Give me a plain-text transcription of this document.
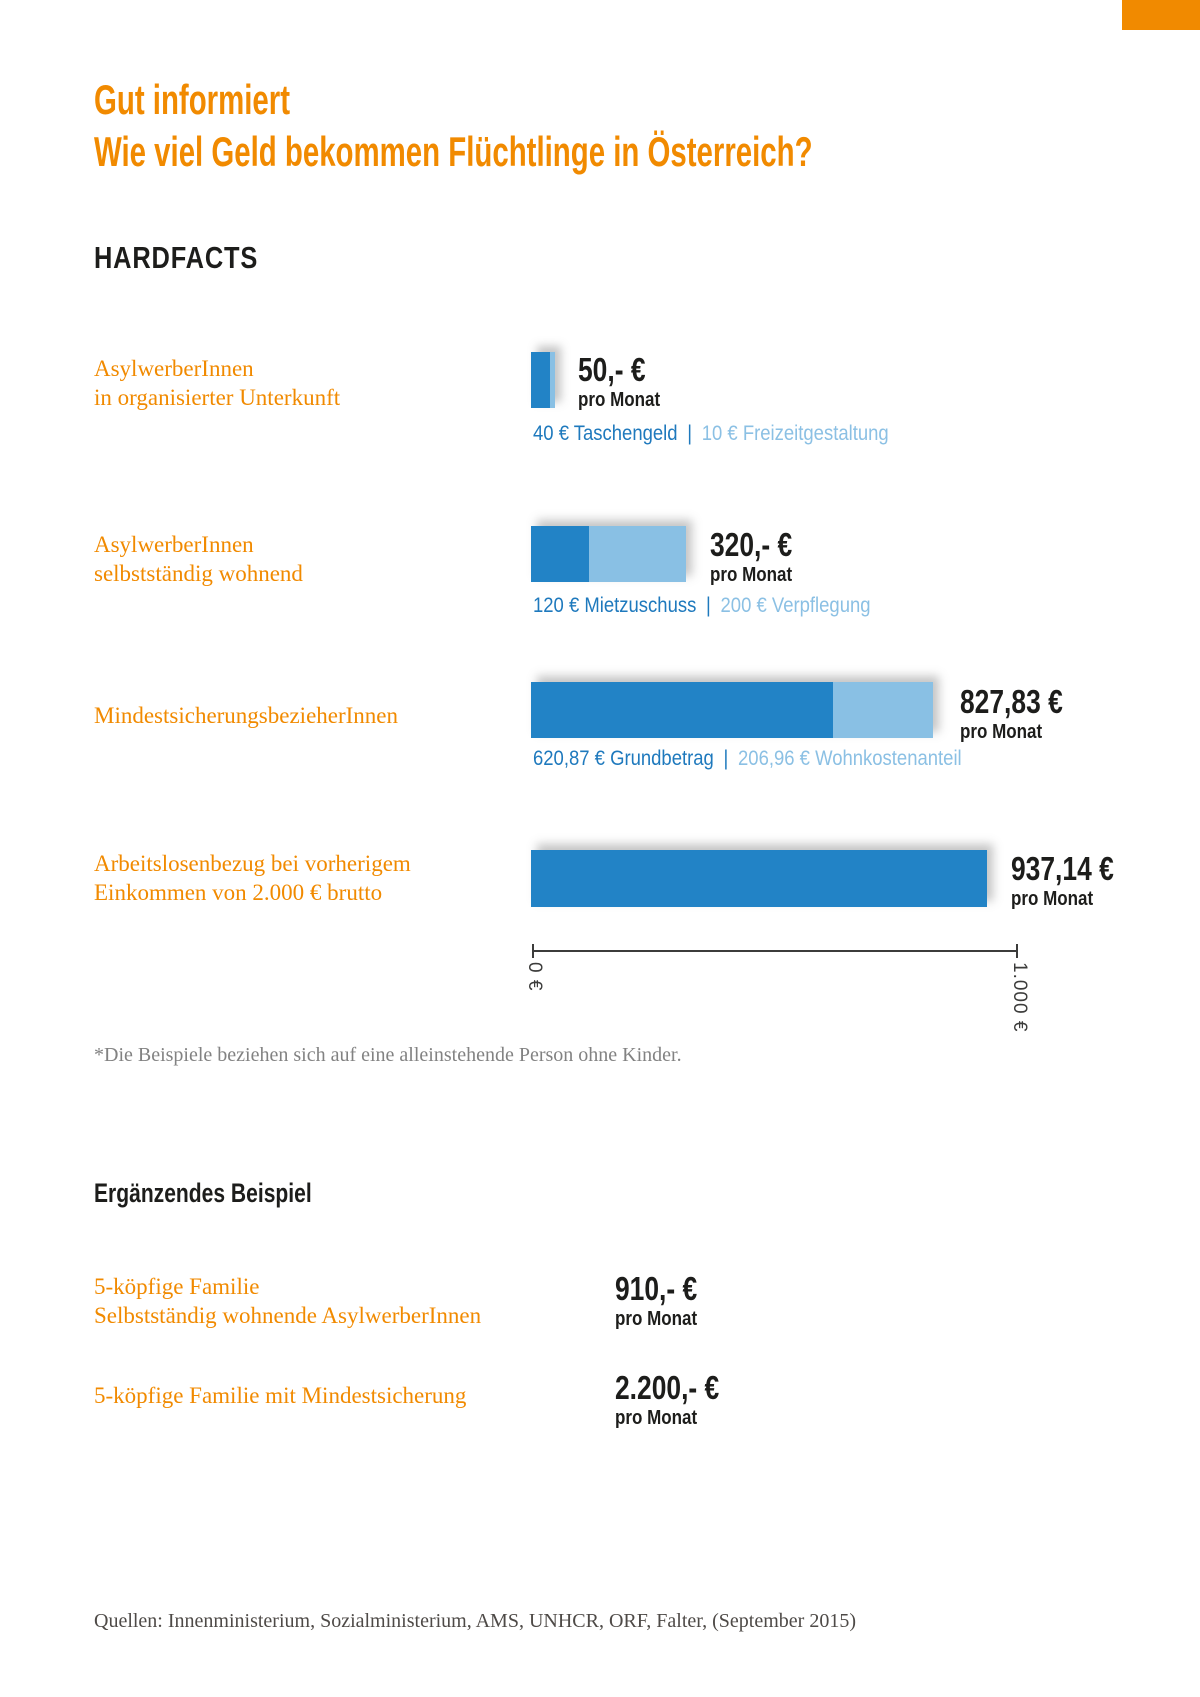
Gut informiert
Wie viel Geld bekommen Flüchtlinge in Österreich?
HARDFACTS
AsylwerberInnen
in organisierter Unterkunft
50,- €
pro Monat
40 € Taschengeld | 10 € Freizeitgestaltung
AsylwerberInnen
selbstständig wohnend
320,- €
pro Monat
120 € Mietzuschuss | 200 € Verpflegung
MindestsicherungsbezieherInnen	827,83 €
pro Monat
620,87 € Grundbetrag | 206,96 € Wohnkostenanteil
Arbeitslosenbezug bei vorherigem
Einkommen von 2.000 € brutto
937,14 €
pro Monat
0 €	1.000 €
*Die Beispiele beziehen sich auf eine alleinstehende Person ohne Kinder.
Ergänzendes Beispiel
5-köpfige Familie
Selbstständig wohnende AsylwerberInnen
910,- €
pro Monat
5-köpfige Familie mit Mindestsicherung	2.200,- €
pro Monat
Quellen: Innenministerium, Sozialministerium, AMS, UNHCR, ORF, Falter, (September 2015)
